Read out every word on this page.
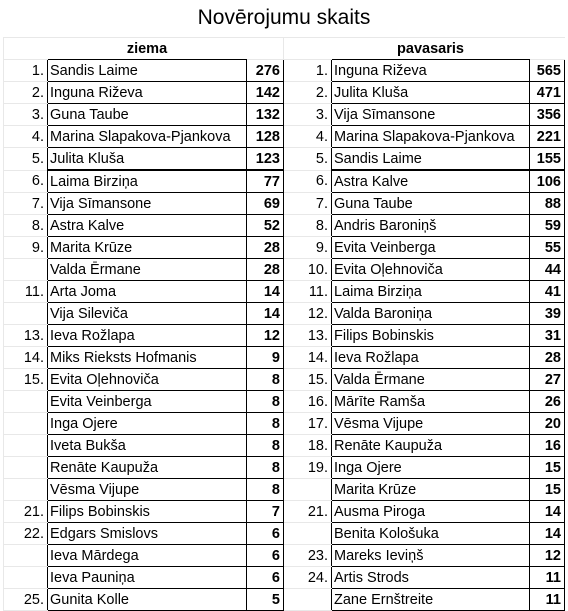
Novērojumu skaits
	ziema			pavasaris	
1.	Sandis Laime	276	1.	Inguna Riževa	565
2.	Inguna Riževa	142	2.	Julita Kluša	471
3.	Guna Taube	132	3.	Vija Sīmansone	356
4.	Marina Slapakova-Pjankova	128	4.	Marina Slapakova-Pjankova	221
5.	Julita Kluša	123	5.	Sandis Laime	155
6.	Laima Birziņa	77	6.	Astra Kalve	106
7.	Vija Sīmansone	69	7.	Guna Taube	88
8.	Astra Kalve	52	8.	Andris Baroniņš	59
9.	Marita Krūze	28	9.	Evita Veinberga	55
	Valda Ērmane	28	10.	Evita Oļehnoviča	44
11.	Arta Joma	14	11.	Laima Birziņa	41
	Vija Sileviča	14	12.	Valda Baroniņa	39
13.	Ieva Rožlapa	12	13.	Filips Bobinskis	31
14.	Miks Rieksts Hofmanis	9	14.	Ieva Rožlapa	28
15.	Evita Oļehnoviča	8	15.	Valda Ērmane	27
	Evita Veinberga	8	16.	Mārīte Ramša	26
	Inga Ojere	8	17.	Vēsma Vijupe	20
	Iveta Bukša	8	18.	Renāte Kaupuža	16
	Renāte Kaupuža	8	19.	Inga Ojere	15
	Vēsma Vijupe	8		Marita Krūze	15
21.	Filips Bobinskis	7	21.	Ausma Piroga	14
22.	Edgars Smislovs	6		Benita Kološuka	14
	Ieva Mārdega	6	23.	Mareks Ieviņš	12
	Ieva Pauniņa	6	24.	Artis Strods	11
25.	Gunita Kolle	5		Zane Ernštreite	11
